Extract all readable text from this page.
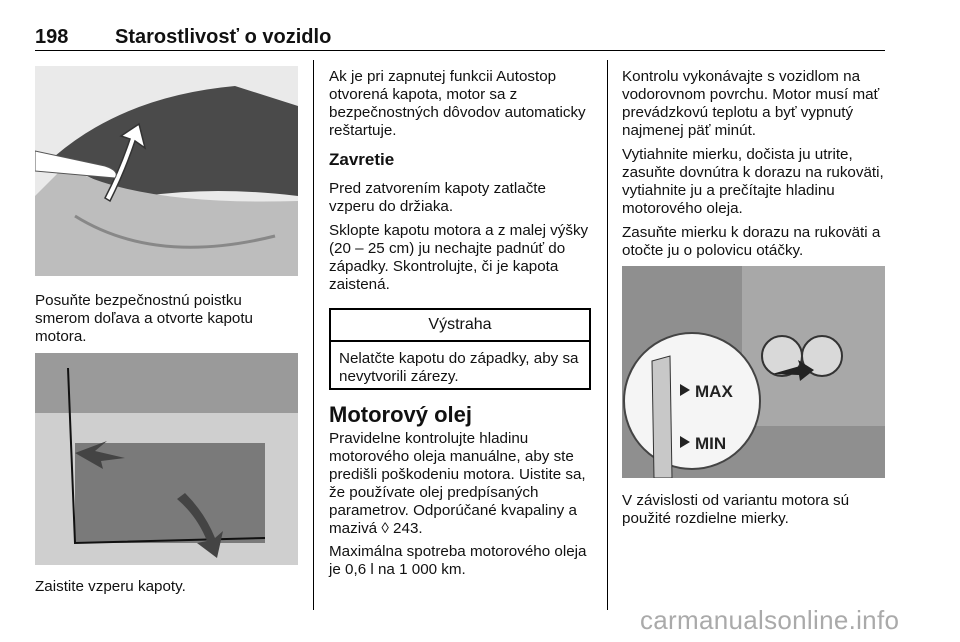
198 Starostlivosť o vozidlo
Posuňte bezpečnostnú poistku smerom doľava a otvorte kapotu motora.
Zaistite vzperu kapoty.
Ak je pri zapnutej funkcii Autostop otvorená kapota, motor sa z bezpečnostných dôvodov automaticky reštartuje.
Zavretie
Pred zatvorením kapoty zatlačte vzperu do držiaka.
Sklopte kapotu motora a z malej výšky (20 – 25 cm) ju nechajte padnúť do západky. Skontrolujte, či je kapota zaistená.
Výstraha
Nelatčte kapotu do západky, aby sa nevytvorili zárezy.
Motorový olej
Pravidelne kontrolujte hladinu motorového oleja manuálne, aby ste predišli poškodeniu motora. Uistite sa, že používate olej predpísaných parametrov. Odporúčané kvapaliny a mazivá ◊ 243.
Maximálna spotreba motorového oleja je 0,6 l na 1 000 km.
Kontrolu vykonávajte s vozidlom na vodorovnom povrchu. Motor musí mať prevádzkovú teplotu a byť vypnutý najmenej päť minút.
Vytiahnite mierku, dočista ju utrite, zasuňte dovnútra k dorazu na rukoväti, vytiahnite ju a prečítajte hladinu motorového oleja.
Zasuňte mierku k dorazu na rukoväti a otočte ju o polovicu otáčky.
MAX
MIN
V závislosti od variantu motora sú použité rozdielne mierky.
carmanualsonline.info
